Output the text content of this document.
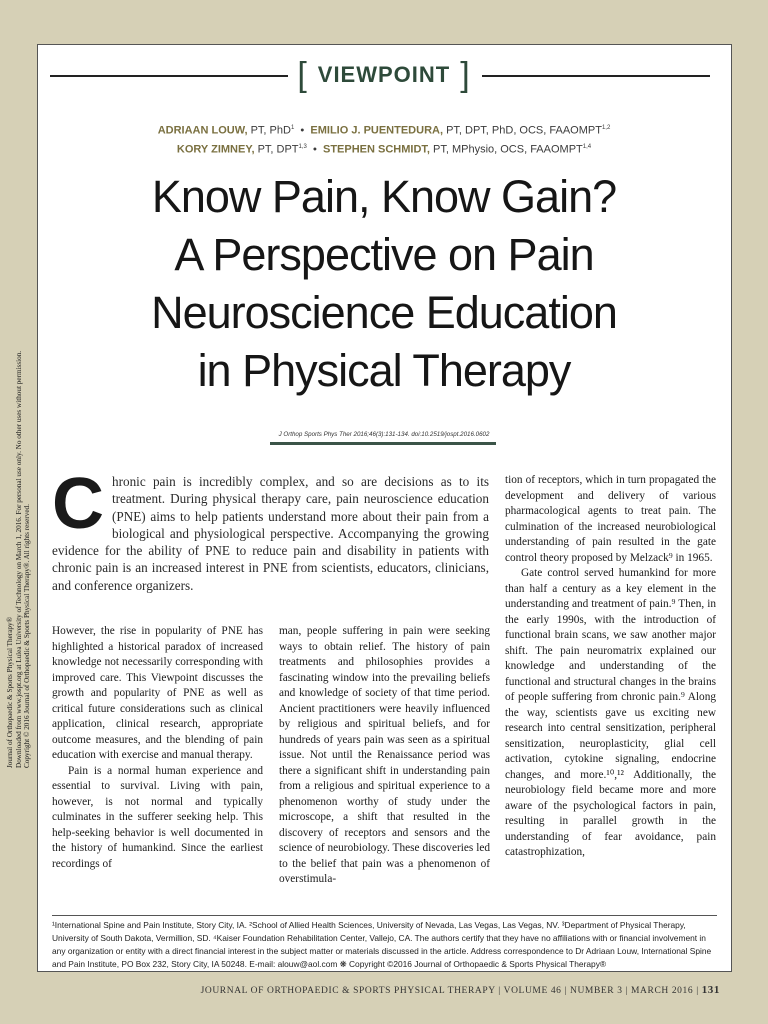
Journal of Orthopaedic & Sports Physical Therapy®
Downloaded from www.jospt.org at Lulea University of Technology on March 1, 2016. For personal use only. No other uses without permission.
Copyright © 2016 Journal of Orthopaedic & Sports Physical Therapy®. All rights reserved.
[ VIEWPOINT ]
ADRIAAN LOUW, PT, PhD$^1$ • EMILIO J. PUENTEDURA, PT, DPT, PhD, OCS, FAAOMPT$^{1,2}$
KORY ZIMNEY, PT, DPT$^{1,3}$ • STEPHEN SCHMIDT, PT, MPhysio, OCS, FAAOMPT$^{1,4}$
Know Pain, Know Gain?
A Perspective on Pain
Neuroscience Education
in Physical Therapy
J Orthop Sports Phys Ther 2016;46(3):131-134. doi:10.2519/jospt.2016.0602
Chronic pain is incredibly complex, and so are decisions as to its treatment. During physical therapy care, pain neuroscience education (PNE) aims to help patients understand more about their pain from a biological and physiological perspective. Accompanying the growing evidence for the ability of PNE to reduce pain and disability in patients with chronic pain is an increased interest in PNE from scientists, educators, clinicians, and conference organizers.

However, the rise in popularity of PNE has highlighted a historical paradox of increased knowledge not necessarily corresponding with improved care. This Viewpoint discusses the growth and popularity of PNE as well as critical future considerations such as clinical application, clinical research, appropriate outcome measures, and the blending of pain education with exercise and manual therapy.

Pain is a normal human experience and essential to survival. Living with pain, however, is not normal and typically culminates in the sufferer seeking help. This help-seeking behavior is well documented in the history of humankind. Since the earliest recordings of

man, people suffering in pain were seeking ways to obtain relief. The history of pain treatments and philosophies provides a fascinating window into the prevailing beliefs and knowledge of society of that time period. Ancient practitioners were heavily influenced by religious and spiritual beliefs, and for hundreds of years pain was seen as a spiritual issue. Not until the Renaissance period was there a significant shift in understanding pain from a religious and spiritual experience to a phenomenon worthy of study under the microscope, a shift that resulted in the discovery of receptors and sensors and the science of neurobiology. These discoveries led to the belief that pain was a phenomenon of overstimula-

tion of receptors, which in turn propagated the development and delivery of various pharmacological agents to treat pain. The culmination of the increased neurobiological understanding of pain resulted in the gate control theory proposed by Melzack⁹ in 1965.

Gate control served humankind for more than half a century as a key element in the understanding and treatment of pain.⁹ Then, in the early 1990s, with the introduction of functional brain scans, we saw another major shift. The pain neuromatrix explained our knowledge and understanding of the functional and structural changes in the brains of people suffering from chronic pain.⁹ Along the way, scientists gave us exciting new research into central sensitization, peripheral sensitization, neuroplasticity, glial cell activation, cytokine signaling, endocrine changes, and more.¹⁰,¹² Additionally, the neurobiology field became more and more aware of the psychological factors in pain, resulting in parallel growth in the understanding of fear avoidance, pain catastrophization,

¹International Spine and Pain Institute, Story City, IA. ²School of Allied Health Sciences, University of Nevada, Las Vegas, Las Vegas, NV. ³Department of Physical Therapy, University of South Dakota, Vermillion, SD. ⁴Kaiser Foundation Rehabilitation Center, Vallejo, CA. The authors certify that they have no affiliations with or financial involvement in any organization or entity with a direct financial interest in the subject matter or materials discussed in the article. Address correspondence to Dr Adriaan Louw, International Spine and Pain Institute, PO Box 232, Story City, IA 50248. E-mail: alouw@aol.com ❋ Copyright ©2016 Journal of Orthopaedic & Sports Physical Therapy®
JOURNAL OF ORTHOPAEDIC & SPORTS PHYSICAL THERAPY | VOLUME 46 | NUMBER 3 | MARCH 2016 | 131
